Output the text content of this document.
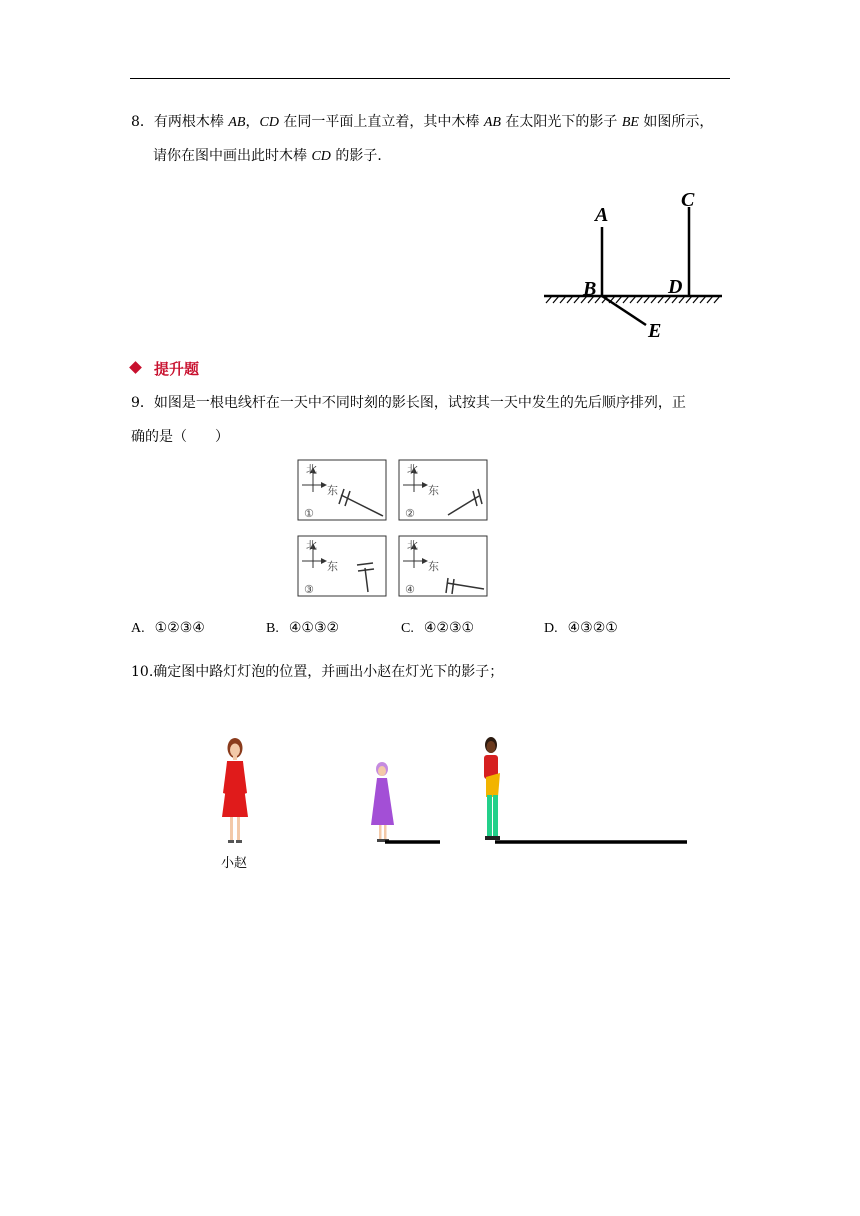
8．有两根木棒 AB，CD 在同一平面上直立着，其中木棒 AB 在太阳光下的影子 BE 如图所示，
请你在图中画出此时木棒 CD 的影子．
A
B
C
D
E
提升题
9．如图是一根电线杆在一天中不同时刻的影长图，试按其一天中发生的先后顺序排列，正
确的是（　　）
北
东
①
北
东
②
北
东
③
北
东
④
A. ①②③④	B. ④①③②	C. ④②③①	D. ④③②①
10.确定图中路灯灯泡的位置，并画出小赵在灯光下的影子；
小赵
